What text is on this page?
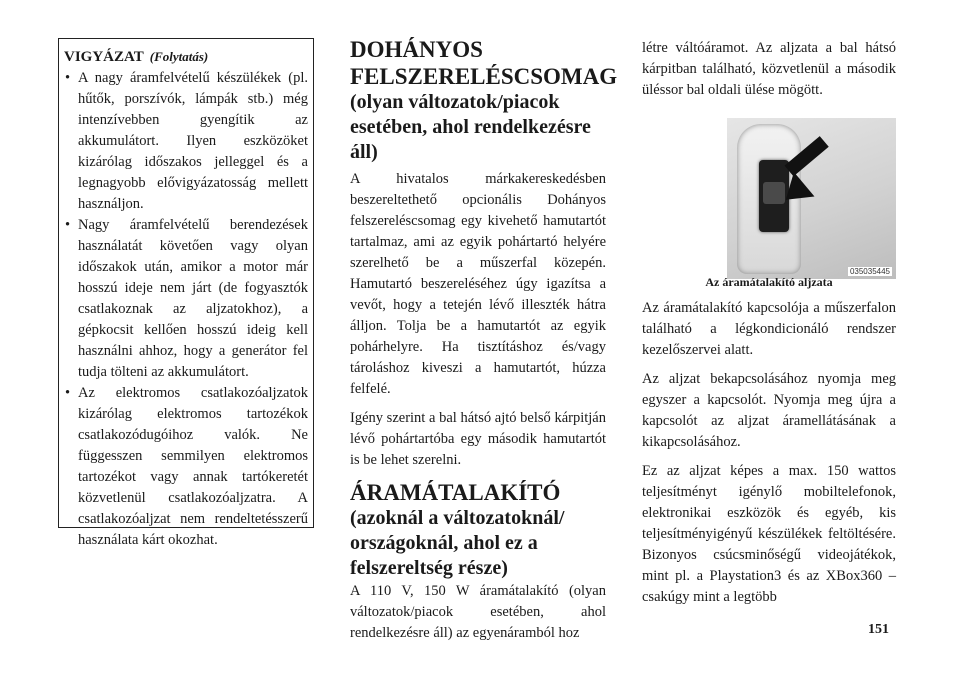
VIGYÁZAT (Folytatás)
• A nagy áramfelvételű készülékek (pl. hűtők, porszívók, lámpák stb.) még intenzívebben gyengítik az akkumulátort. Ilyen eszközöket kizárólag időszakos jelleggel és a legnagyobb elővigyázatosság mellett használjon.
• Nagy áramfelvételű berendezések használatát követően vagy olyan időszakok után, amikor a motor már hosszú ideje nem járt (de fogyasztók csatlakoznak az aljzatokhoz), a gépkocsit kellően hosszú ideig kell használni ahhoz, hogy a generátor fel tudja tölteni az akkumulátort.
• Az elektromos csatlakozóaljzatok kizárólag elektromos tartozékok csatlakozódugóihoz valók. Ne függesszen semmilyen elektromos tartozékot vagy annak tartókeretét közvetlenül csatlakozóaljzatra. A csatlakozóaljzat nem rendeltetésszerű használata kárt okozhat.
DOHÁNYOS FELSZERELÉSCSOMAG
(olyan változatok/piacok esetében, ahol rendelkezésre áll)

A hivatalos márkakereskedésben beszereltethető opcionális Dohányos felszereléscsomag egy kivehető hamutartót tartalmaz, ami az egyik pohártartó helyére szerelhető be a műszerfal közepén. Hamutartó beszereléséhez úgy igazítsa a vevőt, hogy a tetején lévő illeszték hátra álljon. Tolja be a hamutartót az egyik pohárhelyre. Ha tisztításhoz és/vagy tároláshoz kiveszi a hamutartót, húzza felfelé.

Igény szerint a bal hátsó ajtó belső kárpitján lévő pohártartóba egy második hamutartót is be lehet szerelni.

ÁRAMÁTALAKÍTÓ
(azoknál a változatoknál/ országoknál, ahol ez a felszereltség része)

A 110 V, 150 W áramátalakító (olyan változatok/piacok esetében, ahol rendelkezésre áll) az egyenáramból hoz

létre váltóáramot. Az aljzata a bal hátsó kárpitban található, közvetlenül a második üléssor bal oldali ülése mögött.

035035445
Az áramátalakító aljzata

Az áramátalakító kapcsolója a műszerfalon található a légkondicionáló rendszer kezelőszervei alatt.

Az aljzat bekapcsolásához nyomja meg egyszer a kapcsolót. Nyomja meg újra a kapcsolót az aljzat áramellátásának a kikapcsolásához.

Ez az aljzat képes a max. 150 wattos teljesítményt igénylő mobiltelefonok, elektronikai eszközök és egyéb, kis teljesítményigényű készülékek feltöltésére. Bizonyos csúcsminőségű videojátékok, mint pl. a Playstation3 és az XBox360 – csakúgy mint a legtöbb

151
